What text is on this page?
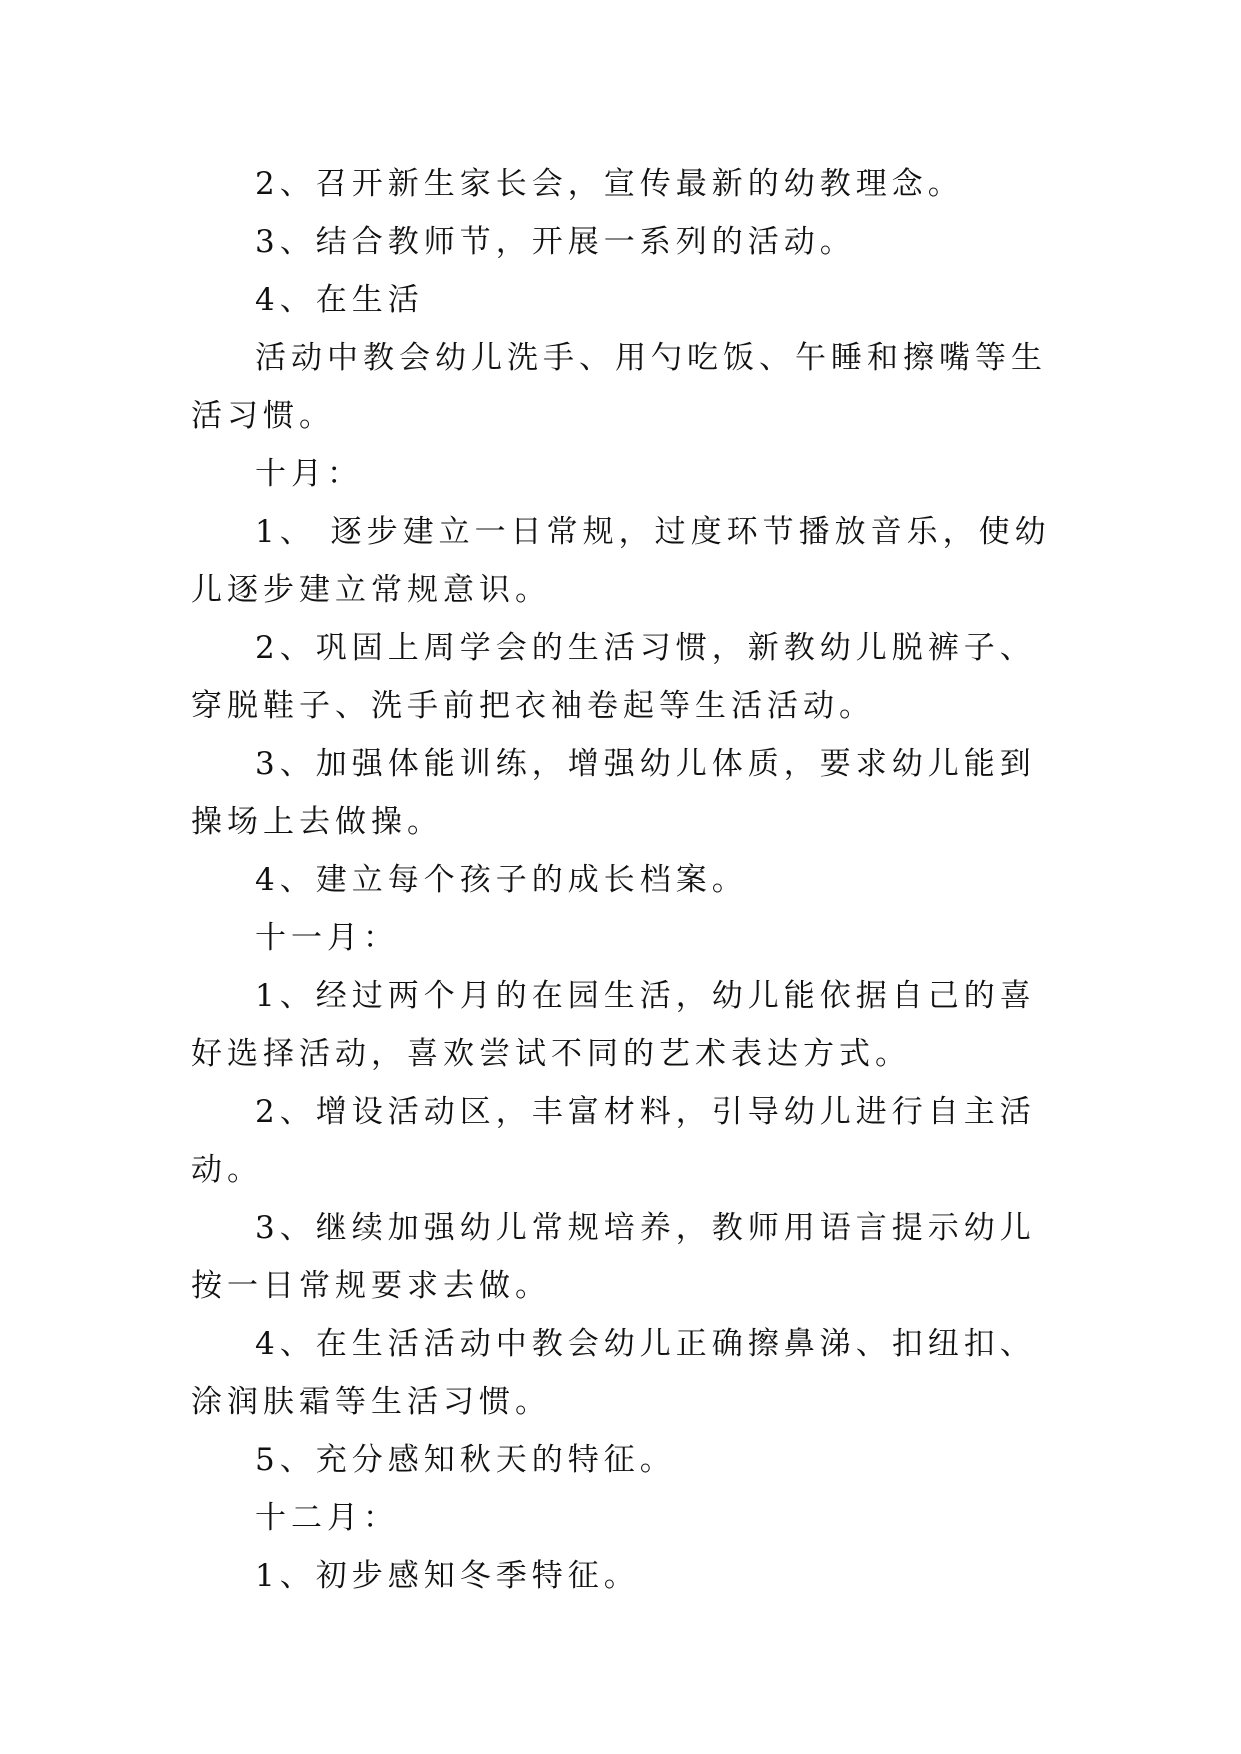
2、召开新生家长会，宣传最新的幼教理念。

3、结合教师节，开展一系列的活动。

4、在生活

活动中教会幼儿洗手、用勺吃饭、午睡和擦嘴等生活习惯。

十月：

1、 逐步建立一日常规，过度环节播放音乐，使幼儿逐步建立常规意识。

2、巩固上周学会的生活习惯，新教幼儿脱裤子、穿脱鞋子、洗手前把衣袖卷起等生活活动。

3、加强体能训练，增强幼儿体质，要求幼儿能到操场上去做操。

4、建立每个孩子的成长档案。

十一月：

1、经过两个月的在园生活，幼儿能依据自己的喜好选择活动，喜欢尝试不同的艺术表达方式。

2、增设活动区，丰富材料，引导幼儿进行自主活动。

3、继续加强幼儿常规培养，教师用语言提示幼儿按一日常规要求去做。

4、在生活活动中教会幼儿正确擦鼻涕、扣纽扣、涂润肤霜等生活习惯。

5、充分感知秋天的特征。

十二月：

1、初步感知冬季特征。
